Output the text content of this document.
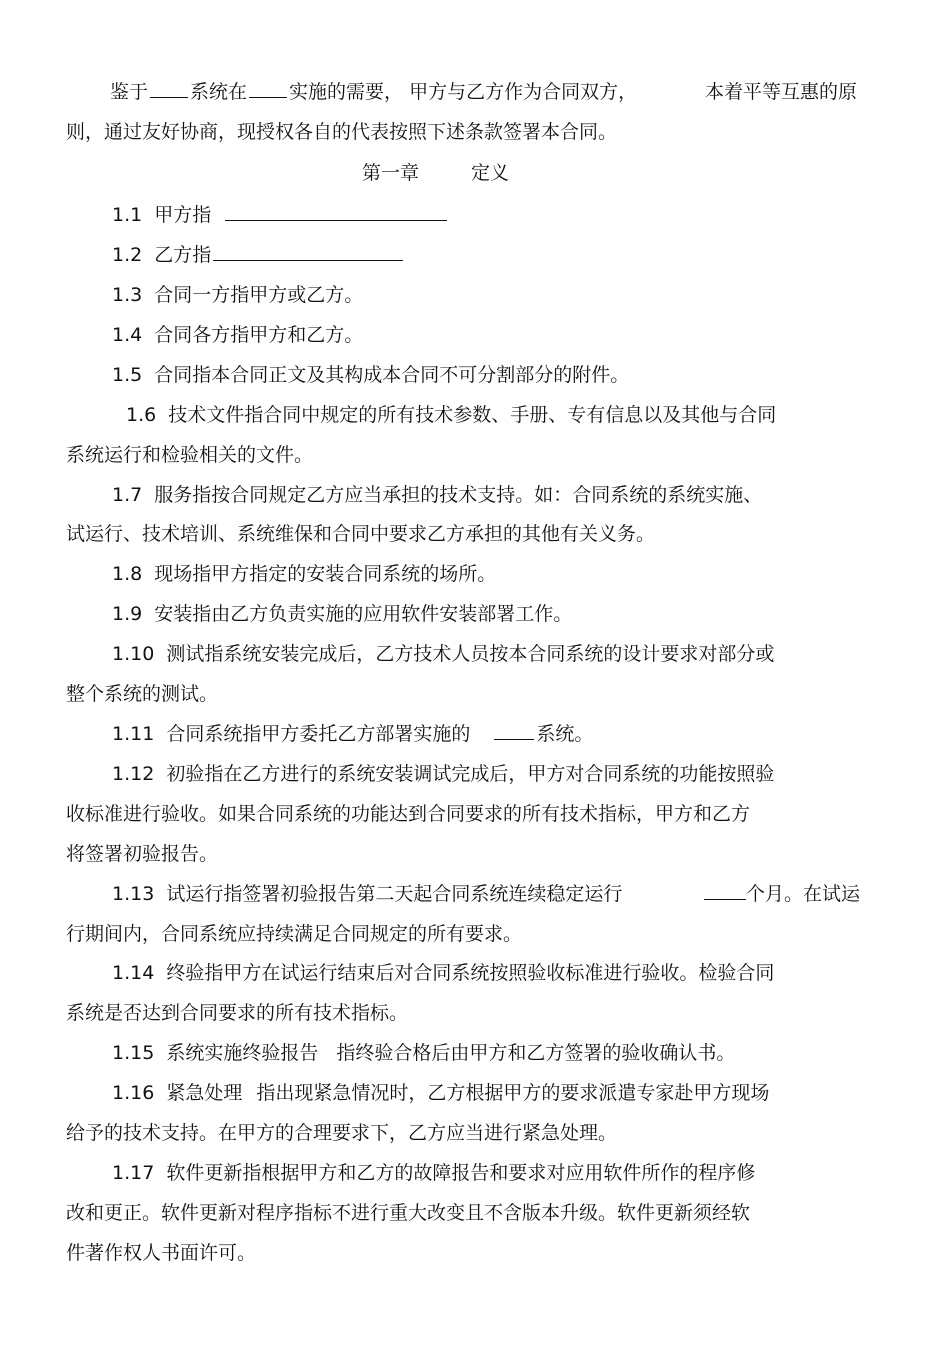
鉴于 系统在 实施的需要， 甲方与乙方作为合同双方，	本着平等互惠的原
则，通过友好协商，现授权各自的代表按照下述条款签署本合同。
第一章	定义
1.1 甲方指
1.2 乙方指
1.3 合同一方指甲方或乙方。
1.4 合同各方指甲方和乙方。
1.5 合同指本合同正文及其构成本合同不可分割部分的附件。
1.6 技术文件指合同中规定的所有技术参数、手册、专有信息以及其他与合同
系统运行和检验相关的文件。
1.7 服务指按合同规定乙方应当承担的技术支持。如：合同系统的系统实施、
试运行、技术培训、系统维保和合同中要求乙方承担的其他有关义务。
1.8 现场指甲方指定的安装合同系统的场所。
1.9 安装指由乙方负责实施的应用软件安装部署工作。
1.10 测试指系统安装完成后，乙方技术人员按本合同系统的设计要求对部分或
整个系统的测试。
1.11 合同系统指甲方委托乙方部署实施的	系统。
1.12 初验指在乙方进行的系统安装调试完成后，甲方对合同系统的功能按照验
收标准进行验收。如果合同系统的功能达到合同要求的所有技术指标，甲方和乙方
将签署初验报告。
1.13 试运行指签署初验报告第二天起合同系统连续稳定运行	个月。在试运
行期间内，合同系统应持续满足合同规定的所有要求。
1.14 终验指甲方在试运行结束后对合同系统按照验收标准进行验收。检验合同
系统是否达到合同要求的所有技术指标。
1.15 系统实施终验报告 指终验合格后由甲方和乙方签署的验收确认书。
1.16 紧急处理 指出现紧急情况时，乙方根据甲方的要求派遣专家赴甲方现场
给予的技术支持。在甲方的合理要求下，乙方应当进行紧急处理。
1.17 软件更新指根据甲方和乙方的故障报告和要求对应用软件所作的程序修
改和更正。软件更新对程序指标不进行重大改变且不含版本升级。软件更新须经软
件著作权人书面许可。
